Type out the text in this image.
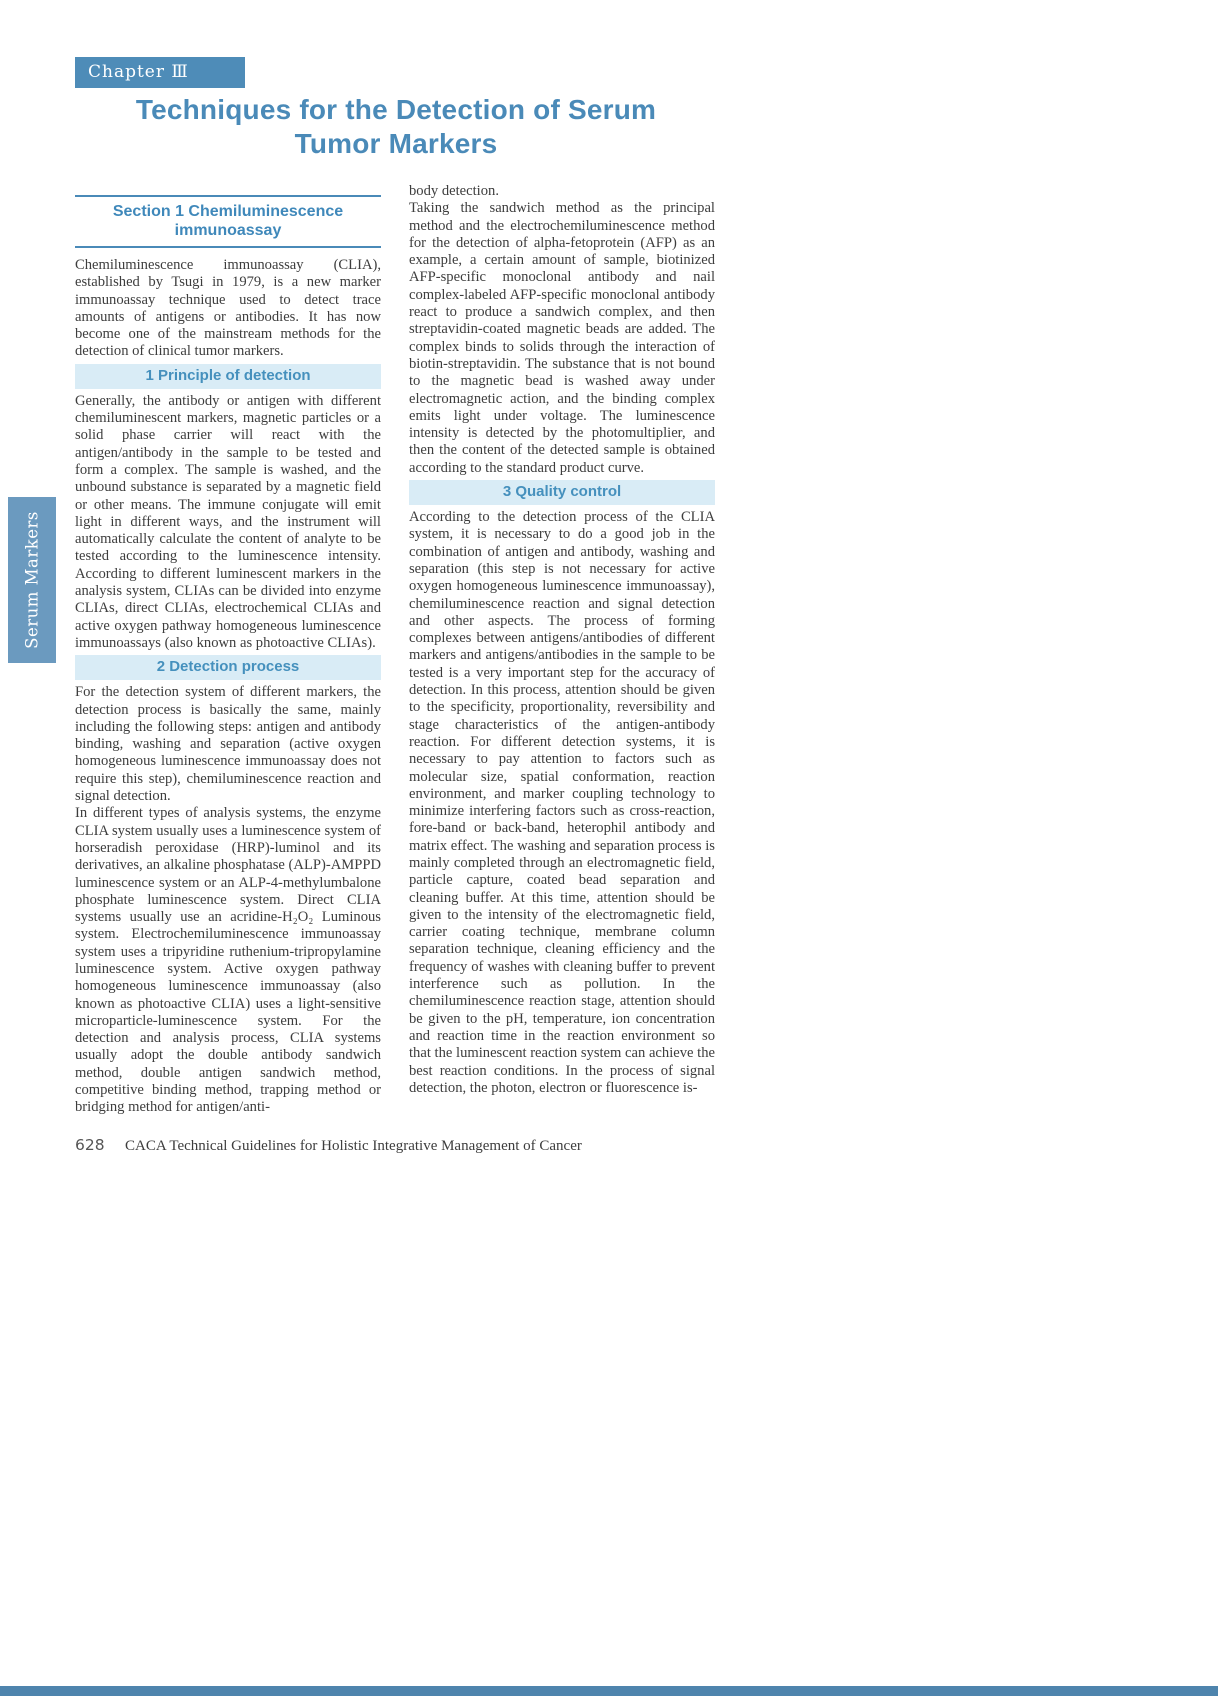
Chapter Ⅲ
Techniques for the Detection of Serum
Tumor Markers
Section 1 Chemiluminescence
immunoassay

Chemiluminescence immunoassay (CLIA), established by Tsugi in 1979, is a new marker immunoassay technique used to detect trace amounts of antigens or antibodies. It has now become one of the mainstream methods for the detection of clinical tumor markers.

1 Principle of detection

Generally, the antibody or antigen with different chemiluminescent markers, magnetic particles or a solid phase carrier will react with the antigen/antibody in the sample to be tested and form a complex. The sample is washed, and the unbound substance is separated by a magnetic field or other means. The immune conjugate will emit light in different ways, and the instrument will automatically calculate the content of analyte to be tested according to the luminescence intensity. According to different luminescent markers in the analysis system, CLIAs can be divided into enzyme CLIAs, direct CLIAs, electrochemical CLIAs and active oxygen pathway homogeneous luminescence immunoassays (also known as photoactive CLIAs).

2 Detection process

For the detection system of different markers, the detection process is basically the same, mainly including the following steps: antigen and antibody binding, washing and separation (active oxygen homogeneous luminescence immunoassay does not require this step), chemiluminescence reaction and signal detection.

In different types of analysis systems, the enzyme CLIA system usually uses a luminescence system of horseradish peroxidase (HRP)-luminol and its derivatives, an alkaline phosphatase (ALP)-AMPPD luminescence system or an ALP-4-methylumbalone phosphate luminescence system. Direct CLIA systems usually use an acridine-H₂O₂ Luminous system. Electrochemiluminescence immunoassay system uses a tripyridine ruthenium-tripropylamine luminescence system. Active oxygen pathway homogeneous luminescence immunoassay (also known as photoactive CLIA) uses a light-sensitive microparticle-luminescence system. For the detection and analysis process, CLIA systems usually adopt the double antibody sandwich method, double antigen sandwich method, competitive binding method, trapping method or bridging method for antigen/anti-

body detection.

Taking the sandwich method as the principal method and the electrochemiluminescence method for the detection of alpha-fetoprotein (AFP) as an example, a certain amount of sample, biotinized AFP-specific monoclonal antibody and nail complex-labeled AFP-specific monoclonal antibody react to produce a sandwich complex, and then streptavidin-coated magnetic beads are added. The complex binds to solids through the interaction of biotin-streptavidin. The substance that is not bound to the magnetic bead is washed away under electromagnetic action, and the binding complex emits light under voltage. The luminescence intensity is detected by the photomultiplier, and then the content of the detected sample is obtained according to the standard product curve.

3 Quality control

According to the detection process of the CLIA system, it is necessary to do a good job in the combination of antigen and antibody, washing and separation (this step is not necessary for active oxygen homogeneous luminescence immunoassay), chemiluminescence reaction and signal detection and other aspects. The process of forming complexes between antigens/antibodies of different markers and antigens/antibodies in the sample to be tested is a very important step for the accuracy of detection. In this process, attention should be given to the specificity, proportionality, reversibility and stage characteristics of the antigen-antibody reaction. For different detection systems, it is necessary to pay attention to factors such as molecular size, spatial conformation, reaction environment, and marker coupling technology to minimize interfering factors such as cross-reaction, fore-band or back-band, heterophil antibody and matrix effect. The washing and separation process is mainly completed through an electromagnetic field, particle capture, coated bead separation and cleaning buffer. At this time, attention should be given to the intensity of the electromagnetic field, carrier coating technique, membrane column separation technique, cleaning efficiency and the frequency of washes with cleaning buffer to prevent interference such as pollution. In the chemiluminescence reaction stage, attention should be given to the pH, temperature, ion concentration and reaction time in the reaction environment so that the luminescent reaction system can achieve the best reaction conditions. In the process of signal detection, the photon, electron or fluorescence is-

Serum Markers
628 CACA Technical Guidelines for Holistic Integrative Management of Cancer
